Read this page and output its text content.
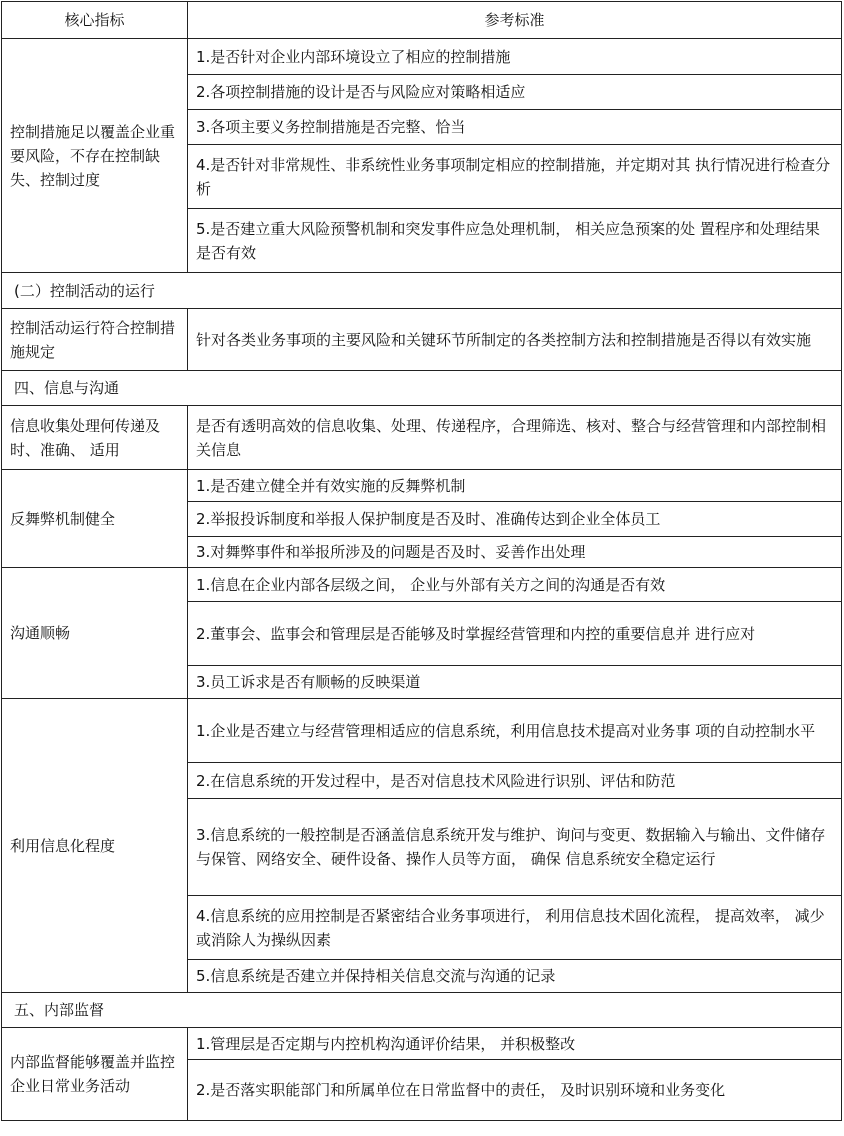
核心指标	参考标准
控制措施足以覆盖企业重要风险，不存在控制缺失、控制过度	1.是否针对企业内部环境设立了相应的控制措施
	2.各项控制措施的设计是否与风险应对策略相适应
	3.各项主要义务控制措施是否完整、恰当
	4.是否针对非常规性、非系统性业务事项制定相应的控制措施，并定期对其 执行情况进行检查分析
	5.是否建立重大风险预警机制和突发事件应急处理机制， 相关应急预案的处 置程序和处理结果是否有效
(二）控制活动的运行	
控制活动运行符合控制措施规定	针对各类业务事项的主要风险和关键环节所制定的各类控制方法和控制措施是否得以有效实施
四、信息与沟通	
信息收集处理何传递及时、准确、 适用	是否有透明高效的信息收集、处理、传递程序，合理筛选、核对、整合与经营管理和内部控制相关信息
反舞弊机制健全	1.是否建立健全并有效实施的反舞弊机制
	2.举报投诉制度和举报人保护制度是否及时、准确传达到企业全体员工
	3.对舞弊事件和举报所涉及的问题是否及时、妥善作出处理
沟通顺畅	1.信息在企业内部各层级之间， 企业与外部有关方之间的沟通是否有效
	2.董事会、监事会和管理层是否能够及时掌握经营管理和内控的重要信息并 进行应对
	3.员工诉求是否有顺畅的反映渠道
利用信息化程度	1.企业是否建立与经营管理相适应的信息系统，利用信息技术提高对业务事 项的自动控制水平
	2.在信息系统的开发过程中，是否对信息技术风险进行识别、评估和防范
	3.信息系统的一般控制是否涵盖信息系统开发与维护、询问与变更、数据输入与输出、文件储存与保管、网络安全、硬件设备、操作人员等方面， 确保 信息系统安全稳定运行
	4.信息系统的应用控制是否紧密结合业务事项进行， 利用信息技术固化流程， 提高效率， 减少或消除人为操纵因素
	5.信息系统是否建立并保持相关信息交流与沟通的记录
五、内部监督	
内部监督能够覆盖并监控企业日常业务活动	1.管理层是否定期与内控机构沟通评价结果， 并积极整改
	2.是否落实职能部门和所属单位在日常监督中的责任， 及时识别环境和业务变化
